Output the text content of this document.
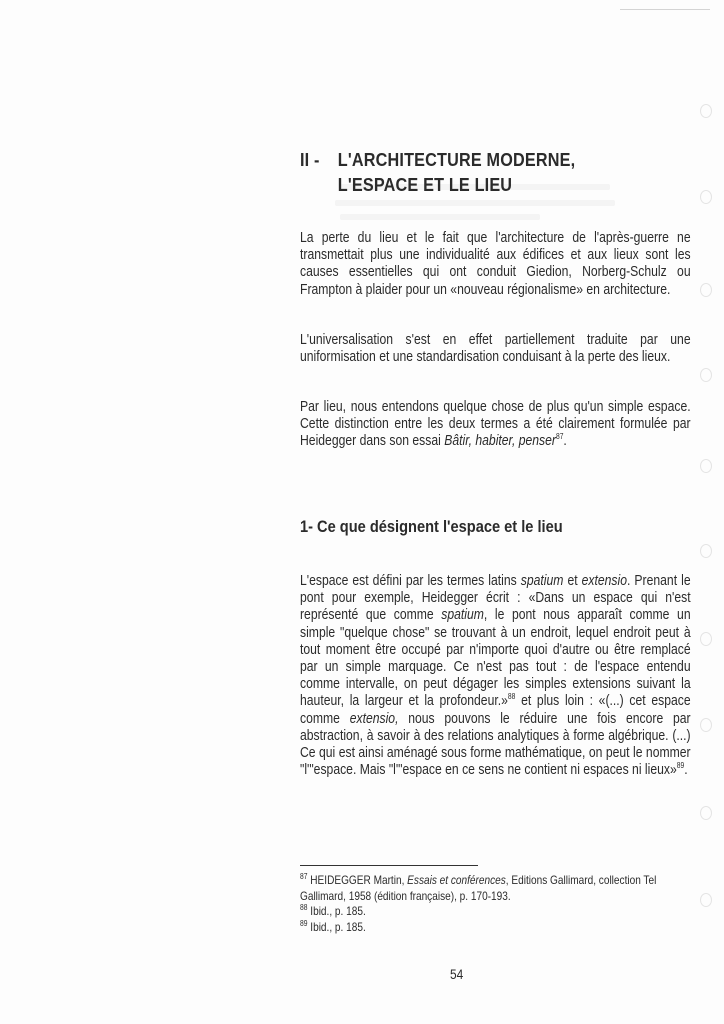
II - L'ARCHITECTURE MODERNE,
L'ESPACE ET LE LIEU

La perte du lieu et le fait que l'architecture de l'après-guerre ne transmettait plus une individualité aux édifices et aux lieux sont les causes essentielles qui ont conduit Giedion, Norberg-Schulz ou Frampton à plaider pour un «nouveau régionalisme» en architecture.

L'universalisation s'est en effet partiellement traduite par une uniformisation et une standardisation conduisant à la perte des lieux.

Par lieu, nous entendons quelque chose de plus qu'un simple espace. Cette distinction entre les deux termes a été clairement formulée par Heidegger dans son essai Bâtir, habiter, penser$^{87}$.

1- Ce que désignent l'espace et le lieu

L'espace est défini par les termes latins spatium et extensio. Prenant le pont pour exemple, Heidegger écrit : «Dans un espace qui n'est représenté que comme spatium, le pont nous apparaît comme un simple "quelque chose" se trouvant à un endroit, lequel endroit peut à tout moment être occupé par n'importe quoi d'autre ou être remplacé par un simple marquage. Ce n'est pas tout : de l'espace entendu comme intervalle, on peut dégager les simples extensions suivant la hauteur, la largeur et la profondeur.»$^{88}$ et plus loin : «(...) cet espace comme extensio, nous pouvons le réduire une fois encore par abstraction, à savoir à des relations analytiques à forme algébrique. (...) Ce qui est ainsi aménagé sous forme mathématique, on peut le nommer "l'"espace. Mais "l'"espace en ce sens ne contient ni espaces ni lieux»$^{89}$.

$^{87}$ HEIDEGGER Martin, Essais et conférences, Editions Gallimard, collection Tel Gallimard, 1958 (édition française), p. 170-193.
$^{88}$ Ibid., p. 185.
$^{89}$ Ibid., p. 185.
54
